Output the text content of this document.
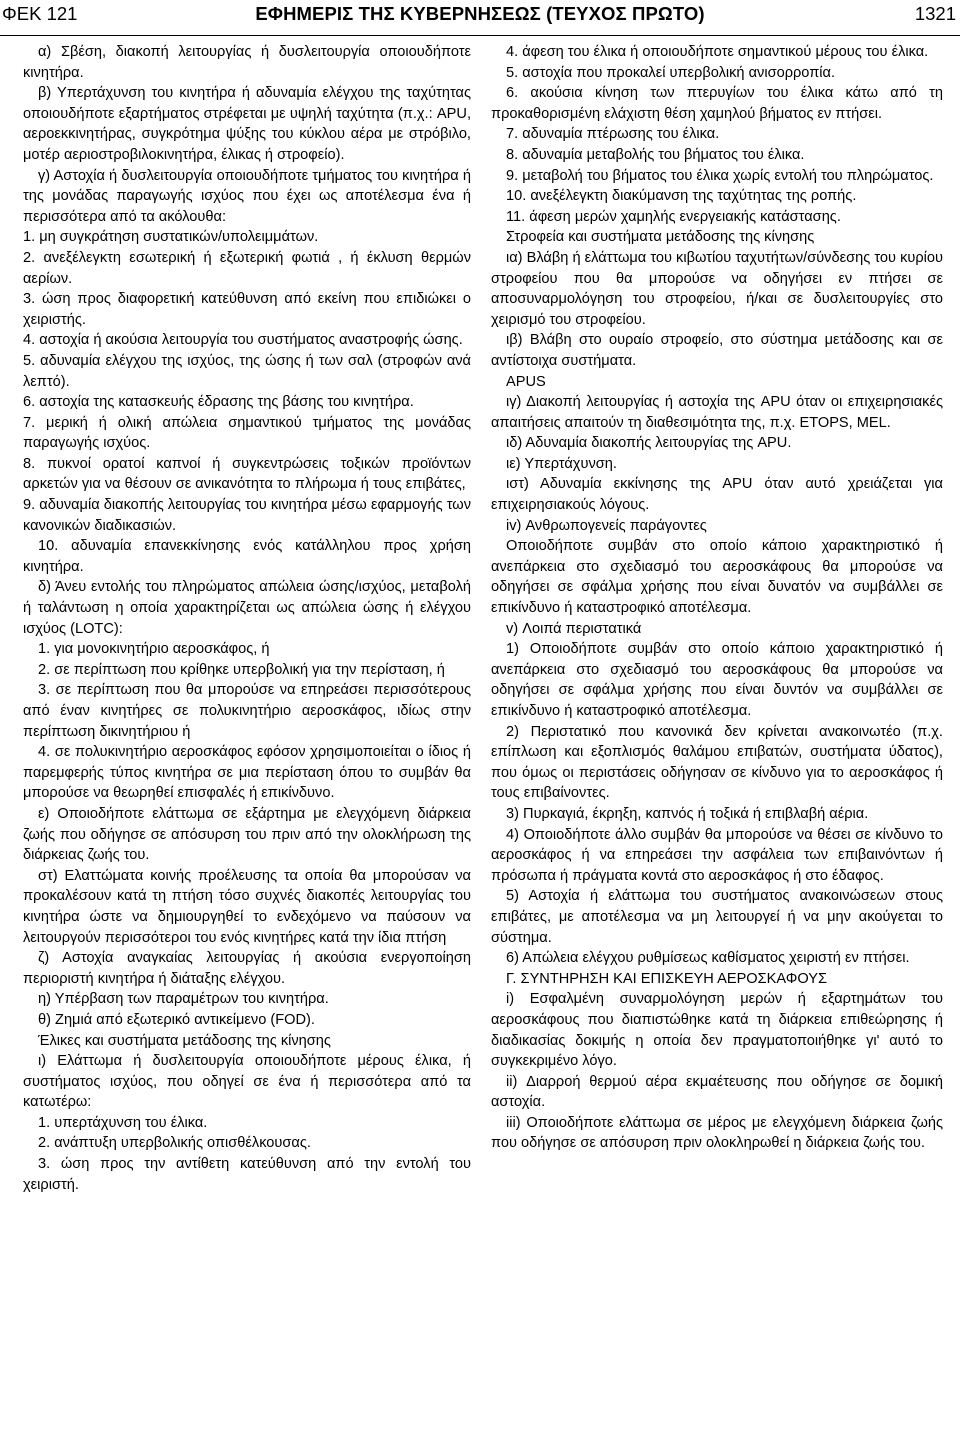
ΕΦΗΜΕΡΙΣ ΤΗΣ ΚΥΒΕΡΝΗΣΕΩΣ (ΤΕΥΧΟΣ ΠΡΩΤΟ)
ΦΕΚ 121	1321

α) Σβέση, διακοπή λειτουργίας ή δυσλειτουργία οποιουδήποτε κινητήρα.

β) Υπερτάχυνση του κινητήρα ή αδυναμία ελέγχου της ταχύτητας οποιουδήποτε εξαρτήματος στρέφεται με υψηλή ταχύτητα (π.χ.: APU, αεροεκκινητήρας, συγκρότημα ψύξης του κύκλου αέρα με στρόβιλο, μοτέρ αεριοστροβιλοκινητήρα, έλικας ή στροφείο).

γ) Αστοχία ή δυσλειτουργία οποιουδήποτε τμήματος του κινητήρα ή της μονάδας παραγωγής ισχύος που έχει ως αποτέλεσμα ένα ή περισσότερα από τα ακόλουθα:

1. μη συγκράτηση συστατικών/υπολειμμάτων.

2. ανεξέλεγκτη εσωτερική ή εξωτερική φωτιά , ή έκλυση θερμών αερίων.

3. ώση προς διαφορετική κατεύθυνση από εκείνη που επιδιώκει ο χειριστής.

4. αστοχία ή ακούσια λειτουργία του συστήματος αναστροφής ώσης.

5. αδυναμία ελέγχου της ισχύος, της ώσης ή των σαλ (στροφών ανά λεπτό).

6. αστοχία της κατασκευής έδρασης της βάσης του κινητήρα.

7. μερική ή ολική απώλεια σημαντικού τμήματος της μονάδας παραγωγής ισχύος.

8. πυκνοί ορατοί καπνοί ή συγκεντρώσεις τοξικών προϊόντων αρκετών για να θέσουν σε ανικανότητα το πλήρωμα ή τους επιβάτες,

9. αδυναμία διακοπής λειτουργίας του κινητήρα μέσω εφαρμογής των κανονικών διαδικασιών.

10. αδυναμία επανεκκίνησης ενός κατάλληλου προς χρήση κινητήρα.

δ) Άνευ εντολής του πληρώματος απώλεια ώσης/ισχύος, μεταβολή ή ταλάντωση η οποία χαρακτηρίζεται ως απώλεια ώσης ή ελέγχου ισχύος (LOTC):

1. για μονοκινητήριο αεροσκάφος, ή

2. σε περίπτωση που κρίθηκε υπερβολική για την περίσταση, ή

3. σε περίπτωση που θα μπορούσε να επηρεάσει περισσότερους από έναν κινητήρες σε πολυκινητήριο αεροσκάφος, ιδίως στην περίπτωση δικινητήριου ή

4. σε πολυκινητήριο αεροσκάφος εφόσον χρησιμοποιείται ο ίδιος ή παρεμφερής τύπος κινητήρα σε μια περίσταση όπου το συμβάν θα μπορούσε να θεωρηθεί επισφαλές ή επικίνδυνο.

ε) Οποιοδήποτε ελάττωμα σε εξάρτημα με ελεγχόμενη διάρκεια ζωής που οδήγησε σε απόσυρση του πριν από την ολοκλήρωση της διάρκειας ζωής του.

στ) Ελαττώματα κοινής προέλευσης τα οποία θα μπορούσαν να προκαλέσουν κατά τη πτήση τόσο συχνές διακοπές λειτουργίας του κινητήρα ώστε να δημιουργηθεί το ενδεχόμενο να παύσουν να λειτουργούν περισσότεροι του ενός κινητήρες κατά την ίδια πτήση

ζ) Αστοχία αναγκαίας λειτουργίας ή ακούσια ενεργοποίηση περιοριστή κινητήρα ή διάταξης ελέγχου.

η) Υπέρβαση των παραμέτρων του κινητήρα.

θ) Ζημιά από εξωτερικό αντικείμενο (FOD).

Έλικες και συστήματα μετάδοσης της κίνησης

ι) Ελάττωμα ή δυσλειτουργία οποιουδήποτε μέρους έλικα, ή συστήματος ισχύος, που οδηγεί σε ένα ή περισσότερα από τα κατωτέρω:

1. υπερτάχυνση του έλικα.

2. ανάπτυξη υπερβολικής οπισθέλκουσας.

3. ώση προς την αντίθετη κατεύθυνση από την εντολή του χειριστή.

4. άφεση του έλικα ή οποιουδήποτε σημαντικού μέρους του έλικα.

5. αστοχία που προκαλεί υπερβολική ανισορροπία.

6. ακούσια κίνηση των πτερυγίων του έλικα κάτω από τη προκαθορισμένη ελάχιστη θέση χαμηλού βήματος εν πτήσει.

7. αδυναμία πτέρωσης του έλικα.

8. αδυναμία μεταβολής του βήματος του έλικα.

9. μεταβολή του βήματος του έλικα χωρίς εντολή του πληρώματος.

10. ανεξέλεγκτη διακύμανση της ταχύτητας της ροπής.

11. άφεση μερών χαμηλής ενεργειακής κατάστασης.

Στροφεία και συστήματα μετάδοσης της κίνησης

ια) Βλάβη ή ελάττωμα του κιβωτίου ταχυτήτων/σύνδεσης του κυρίου στροφείου που θα μπορούσε να οδηγήσει εν πτήσει σε αποσυναρμολόγηση του στροφείου, ή/και σε δυσλειτουργίες στο χειρισμό του στροφείου.

ιβ) Βλάβη στο ουραίο στροφείο, στο σύστημα μετάδοσης και σε αντίστοιχα συστήματα.

APUS

ιγ) Διακοπή λειτουργίας ή αστοχία της APU όταν οι επιχειρησιακές απαιτήσεις απαιτούν τη διαθεσιμότητα της, π.χ. ETOPS, MEL.

ιδ) Αδυναμία διακοπής λειτουργίας της APU.

ιε) Υπερτάχυνση.

ιστ) Αδυναμία εκκίνησης της APU όταν αυτό χρειάζεται για επιχειρησιακούς λόγους.

iv) Ανθρωπογενείς παράγοντες

Οποιοδήποτε συμβάν στο οποίο κάποιο χαρακτηριστικό ή ανεπάρκεια στο σχεδιασμό του αεροσκάφους θα μπορούσε να οδηγήσει σε σφάλμα χρήσης που είναι δυνατόν να συμβάλλει σε επικίνδυνο ή καταστροφικό αποτέλεσμα.

v) Λοιπά περιστατικά

1) Οποιοδήποτε συμβάν στο οποίο κάποιο χαρακτηριστικό ή ανεπάρκεια στο σχεδιασμό του αεροσκάφους θα μπορούσε να οδηγήσει σε σφάλμα χρήσης που είναι δυντόν να συμβάλλει σε επικίνδυνο ή καταστροφικό αποτέλεσμα.

2) Περιστατικό που κανονικά δεν κρίνεται ανακοινωτέο (π.χ. επίπλωση και εξοπλισμός θαλάμου επιβατών, συστήματα ύδατος), που όμως οι περιστάσεις οδήγησαν σε κίνδυνο για το αεροσκάφος ή τους επιβαίνοντες.

3) Πυρκαγιά, έκρηξη, καπνός ή τοξικά ή επιβλαβή αέρια.

4) Οποιοδήποτε άλλο συμβάν θα μπορούσε να θέσει σε κίνδυνο το αεροσκάφος ή να επηρεάσει την ασφάλεια των επιβαινόντων ή πρόσωπα ή πράγματα κοντά στο αεροσκάφος ή στο έδαφος.

5) Αστοχία ή ελάττωμα του συστήματος ανακοινώσεων στους επιβάτες, με αποτέλεσμα να μη λειτουργεί ή να μην ακούγεται το σύστημα.

6) Απώλεια ελέγχου ρυθμίσεως καθίσματος χειριστή εν πτήσει.

Γ. ΣΥΝΤΗΡΗΣΗ ΚΑΙ ΕΠΙΣΚΕΥΗ ΑΕΡΟΣΚΑΦΟΥΣ

i) Εσφαλμένη συναρμολόγηση μερών ή εξαρτημάτων του αεροσκάφους που διαπιστώθηκε κατά τη διάρκεια επιθεώρησης ή διαδικασίας δοκιμής η οποία δεν πραγματοποιήθηκε γι' αυτό το συγκεκριμένο λόγο.

ii) Διαρροή θερμού αέρα εκμαέτευσης που οδήγησε σε δομική αστοχία.

iii) Οποιοδήποτε ελάττωμα σε μέρος με ελεγχόμενη διάρκεια ζωής που οδήγησε σε απόσυρση πριν ολοκληρωθεί η διάρκεια ζωής του.
